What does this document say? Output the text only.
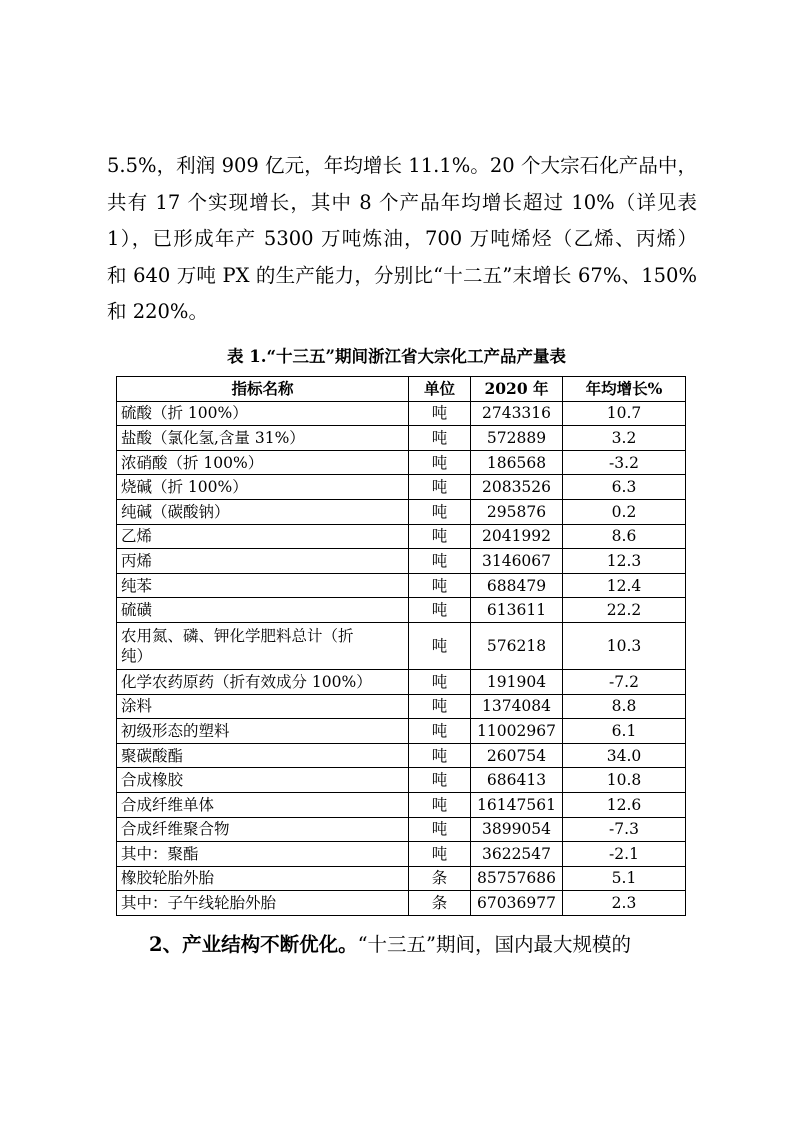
5.5%，利润 909 亿元，年均增长 11.1%。20 个大宗石化产品中，
共有 17 个实现增长，其中 8 个产品年均增长超过 10%（详见表
1），已形成年产 5300 万吨炼油，700 万吨烯烃（乙烯、丙烯）
和 640 万吨 PX 的生产能力，分别比“十二五”末增长 67%、150%
和 220%。
表 1.“十三五”期间浙江省大宗化工产品产量表
指标名称	单位	2020 年	年均增长%
硫酸（折 100%）	吨	2743316	10.7
盐酸（氯化氢,含量 31%）	吨	572889	3.2
浓硝酸（折 100%）	吨	186568	-3.2
烧碱（折 100%）	吨	2083526	6.3
纯碱（碳酸钠）	吨	295876	0.2
乙烯	吨	2041992	8.6
丙烯	吨	3146067	12.3
纯苯	吨	688479	12.4
硫磺	吨	613611	22.2
农用氮、磷、钾化学肥料总计（折
纯）	吨	576218	10.3
化学农药原药（折有效成分 100%）	吨	191904	-7.2
涂料	吨	1374084	8.8
初级形态的塑料	吨	11002967	6.1
聚碳酸酯	吨	260754	34.0
合成橡胶	吨	686413	10.8
合成纤维单体	吨	16147561	12.6
合成纤维聚合物	吨	3899054	-7.3
其中：聚酯	吨	3622547	-2.1
橡胶轮胎外胎	条	85757686	5.1
其中：子午线轮胎外胎	条	67036977	2.3
2、产业结构不断优化。“十三五”期间，国内最大规模的
